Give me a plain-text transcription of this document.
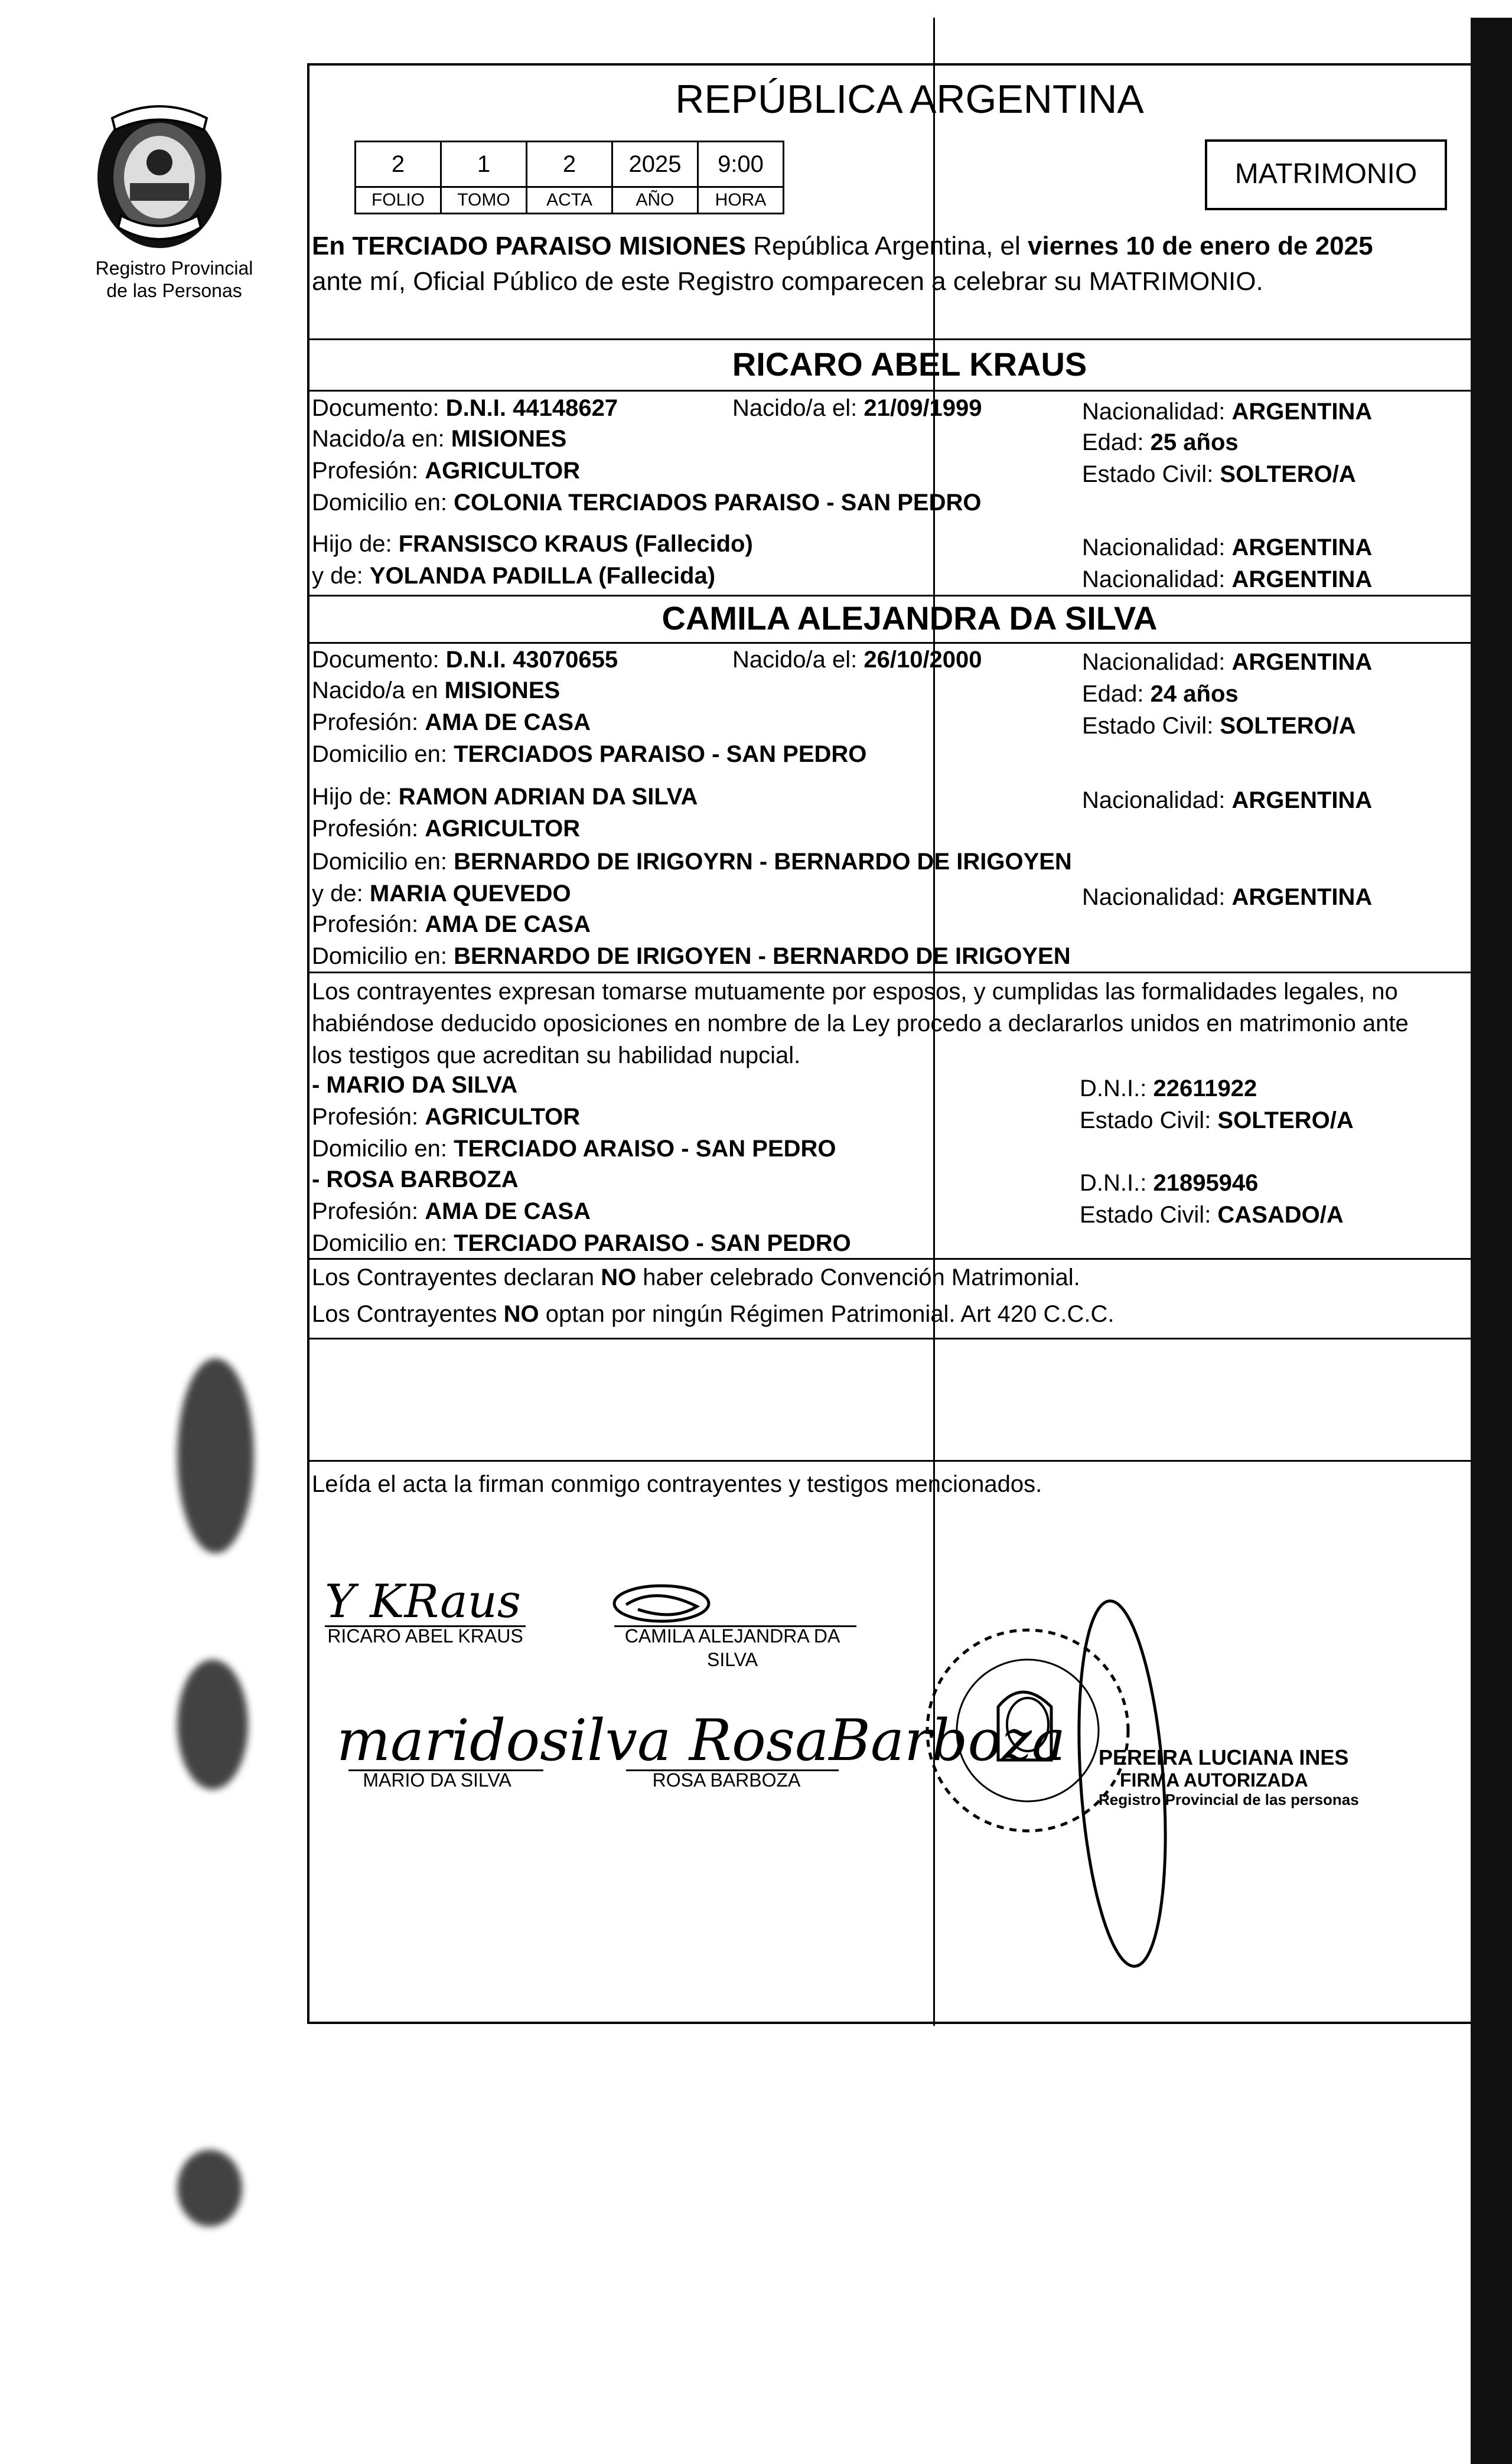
Registro Provincial
de las Personas
REPÚBLICA ARGENTINA
2	1	2	2025	9:00
FOLIO	TOMO	ACTA	AÑO	HORA
MATRIMONIO
En TERCIADO PARAISO MISIONES República Argentina, el viernes 10 de enero de 2025
ante mí, Oficial Público de este Registro comparecen a celebrar su MATRIMONIO.
RICARO ABEL KRAUS
Documento: D.N.I. 44148627	Nacido/a el: 21/09/1999	Nacionalidad: ARGENTINA
Nacido/a en: MISIONES	Edad: 25 años
Profesión: AGRICULTOR	Estado Civil: SOLTERO/A
Domicilio en: COLONIA TERCIADOS PARAISO - SAN PEDRO
Hijo de: FRANSISCO KRAUS (Fallecido)	Nacionalidad: ARGENTINA
y de: YOLANDA PADILLA (Fallecida)	Nacionalidad: ARGENTINA
CAMILA ALEJANDRA DA SILVA
Documento: D.N.I. 43070655	Nacido/a el: 26/10/2000	Nacionalidad: ARGENTINA
Nacido/a en MISIONES	Edad: 24 años
Profesión: AMA DE CASA	Estado Civil: SOLTERO/A
Domicilio en: TERCIADOS PARAISO - SAN PEDRO
Hijo de: RAMON ADRIAN DA SILVA	Nacionalidad: ARGENTINA
Profesión: AGRICULTOR
Domicilio en: BERNARDO DE IRIGOYRN - BERNARDO DE IRIGOYEN
y de: MARIA QUEVEDO	Nacionalidad: ARGENTINA
Profesión: AMA DE CASA
Domicilio en: BERNARDO DE IRIGOYEN - BERNARDO DE IRIGOYEN
Los contrayentes expresan tomarse mutuamente por esposos, y cumplidas las formalidades legales, no
habiéndose deducido oposiciones en nombre de la Ley procedo a declararlos unidos en matrimonio ante
los testigos que acreditan su habilidad nupcial.
- MARIO DA SILVA	D.N.I.: 22611922
Profesión: AGRICULTOR	Estado Civil: SOLTERO/A
Domicilio en: TERCIADO ARAISO - SAN PEDRO
- ROSA BARBOZA	D.N.I.: 21895946
Profesión: AMA DE CASA	Estado Civil: CASADO/A
Domicilio en: TERCIADO PARAISO - SAN PEDRO
Los Contrayentes declaran NO haber celebrado Convención Matrimonial.
Los Contrayentes NO optan por ningún Régimen Patrimonial. Art 420 C.C.C.
Leída el acta la firman conmigo contrayentes y testigos mencionados.
Y KRaus
RICARO ABEL KRAUS	CAMILA ALEJANDRA DA
SILVA
maridosilva RosaBarboza
MARIO DA SILVA	ROSA BARBOZA
PEREIRA LUCIANA INES
FIRMA AUTORIZADA
Registro Provincial de las personas
